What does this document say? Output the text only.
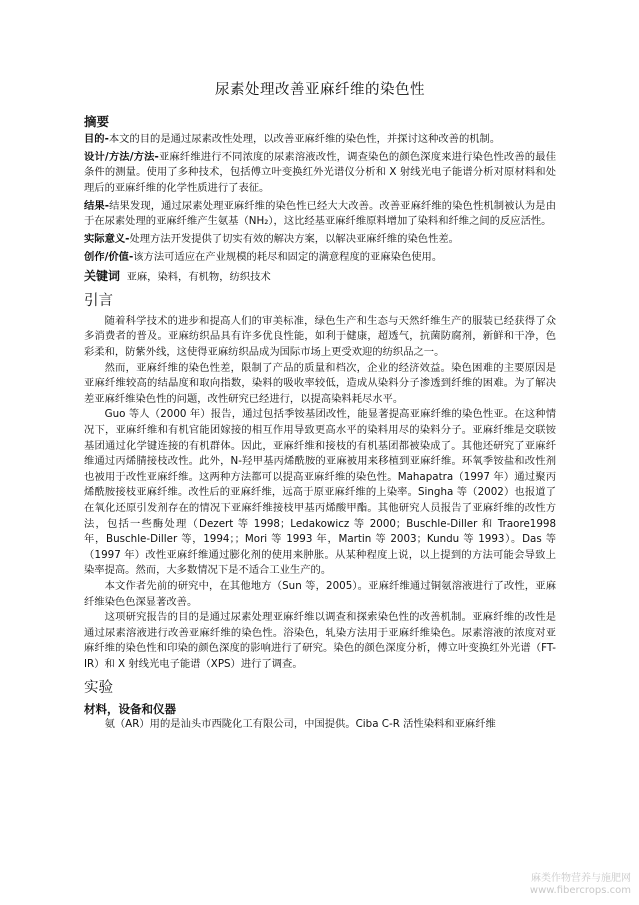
尿素处理改善亚麻纤维的染色性
摘要

目的-本文的目的是通过尿素改性处理，以改善亚麻纤维的染色性，并探讨这种改善的机制。

设计/方法/方法-亚麻纤维进行不同浓度的尿素溶液改性，调查染色的颜色深度来进行染色性改善的最佳条件的测量。使用了多种技术，包括傅立叶变换红外光谱仪分析和 X 射线光电子能谱分析对原材料和处理后的亚麻纤维的化学性质进行了表征。

结果-结果发现，通过尿素处理亚麻纤维的染色性已经大大改善。改善亚麻纤维的染色性机制被认为是由于在尿素处理的亚麻纤维产生氨基（NH₂），这比经基亚麻纤维原料增加了染料和纤维之间的反应活性。

实际意义-处理方法开发提供了切实有效的解决方案，以解决亚麻纤维的染色性差。

创作/价值-该方法可适应在产业规模的耗尽和固定的满意程度的亚麻染色使用。

关键词 亚麻，染料，有机物，纺织技术

引言

随着科学技术的进步和提高人们的审美标准，绿色生产和生态与天然纤维生产的服装已经获得了众多消费者的普及。亚麻纺织品具有许多优良性能，如利于健康，超透气，抗菌防腐剂，新鲜和干净，色彩柔和，防紫外线，这使得亚麻纺织品成为国际市场上更受欢迎的纺织品之一。

然而，亚麻纤维的染色性差，限制了产品的质量和档次，企业的经济效益。染色困难的主要原因是亚麻纤维较高的结晶度和取向指数，染料的吸收率较低，造成从染料分子渗透到纤维的困难。为了解决差亚麻纤维染色性的问题，改性研究已经进行，以提高染料耗尽水平。

Guo 等人（2000 年）报告，通过包括季铵基团改性，能显著提高亚麻纤维的染色性亚。在这种情况下，亚麻纤维和有机官能团嫁接的相互作用导致更高水平的染料用尽的染料分子。亚麻纤维是交联铵基团通过化学键连接的有机群体。因此，亚麻纤维和接枝的有机基团都被染成了。其他还研究了亚麻纤维通过丙烯腈接枝改性。此外，N-羟甲基丙烯酰胺的亚麻被用来移植到亚麻纤维。环氧季铵盐和改性剂也被用于改性亚麻纤维。这两种方法都可以提高亚麻纤维的染色性。Mahapatra（1997 年）通过聚丙烯酰胺接枝亚麻纤维。改性后的亚麻纤维，远高于原亚麻纤维的上染率。Singha 等（2002）也报道了在氧化还原引发剂存在的情况下亚麻纤维接枝甲基丙烯酸甲酯。其他研究人员报告了亚麻纤维的改性方法，包括一些酶处理（Dezert 等 1998；Ledakowicz 等 2000；Buschle-Diller 和 Traore1998 年，Buschle-Diller 等，1994；；Mori 等 1993 年，Martin 等 2003；Kundu 等 1993）。Das 等（1997 年）改性亚麻纤维通过膨化剂的使用来肿胀。从某种程度上说，以上提到的方法可能会导致上染率提高。然而，大多数情况下是不适合工业生产的。

本文作者先前的研究中，在其他地方（Sun 等，2005）。亚麻纤维通过铜氨溶液进行了改性，亚麻纤维染色色深显著改善。

这项研究报告的目的是通过尿素处理亚麻纤维以调查和探索染色性的改善机制。亚麻纤维的改性是通过尿素溶液进行改善亚麻纤维的染色性。浴染色，轧染方法用于亚麻纤维染色。尿素溶液的浓度对亚麻纤维的染色性和印染的颜色深度的影响进行了研究。染色的颜色深度分析，傅立叶变换红外光谱（FT-IR）和 X 射线光电子能谱（XPS）进行了调查。

实验
材料，设备和仪器

氨（AR）用的是汕头市西陇化工有限公司，中国提供。Ciba C-R 活性染料和亚麻纤维

麻类作物营养与施肥网
www.fibercrops.com
